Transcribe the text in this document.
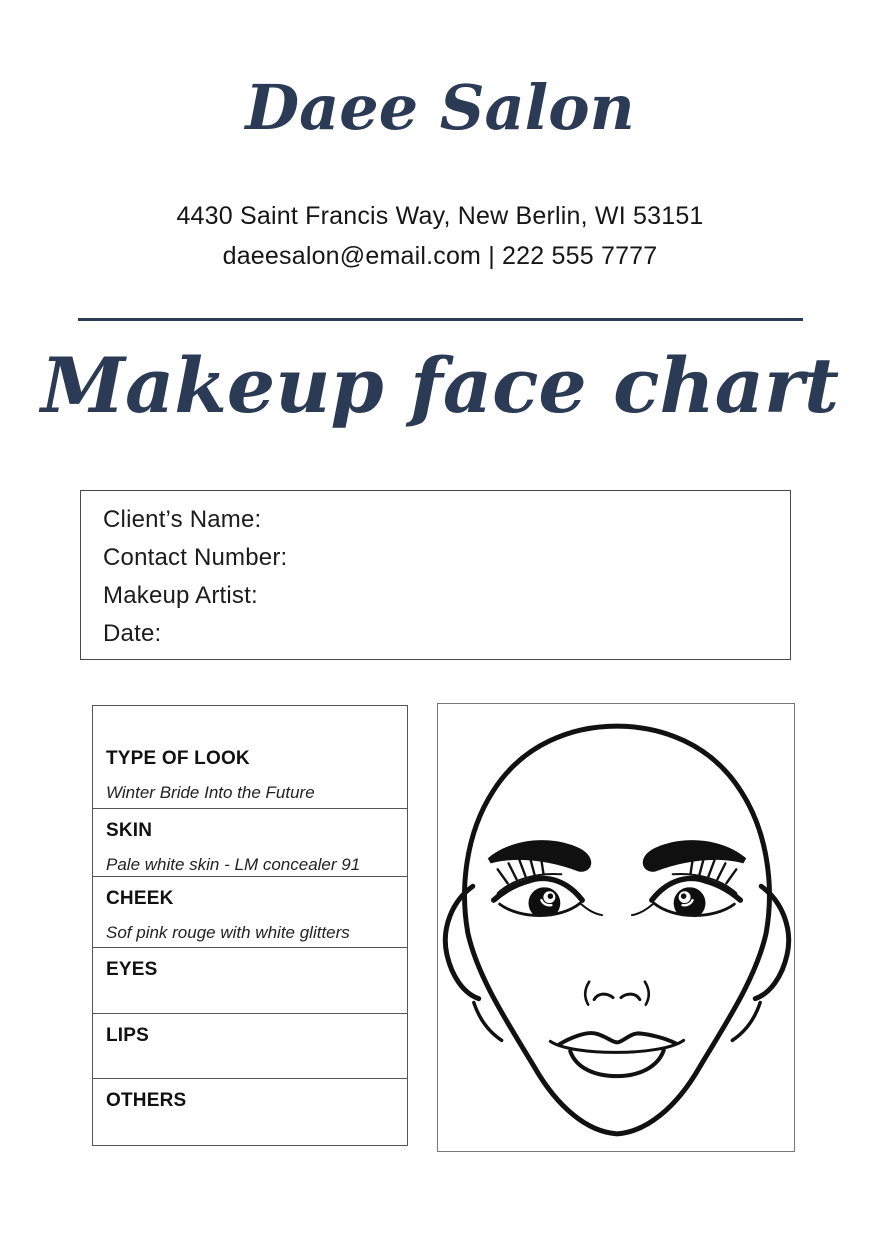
Daee Salon
4430 Saint Francis Way, New Berlin, WI 53151
daeesalon@email.com | 222 555 7777
Makeup face chart
Client’s Name:
Contact Number:
Makeup Artist:
Date:
TYPE OF LOOK
Winter Bride Into the Future
SKIN
Pale white skin - LM concealer 91
CHEEK
Sof pink rouge with white glitters
EYES
LIPS
OTHERS
